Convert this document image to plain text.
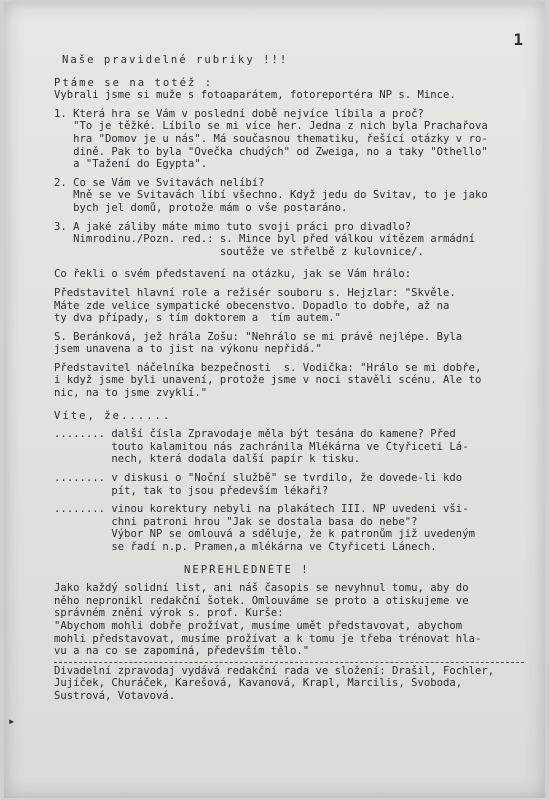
1
▸
Naše pravidelné rubriky !!!
Ptáme se na totéž :
Vybrali jsme si muže s fotoaparátem, fotoreportéra NP s. Mince.
1. Která hra se Vám v poslední době nejvíce líbila a proč?
"To je těžké. Líbilo se mi více her. Jedna z nich byla Prachařova
hra "Domov je u nás". Má současnou thematiku, řešící otázky v ro-
dině. Pak to byla "Ovečka chudých" od Zweiga, no a taky "Othello"
a "Tažení do Egypta".
2. Co se Vám ve Svitavách nelíbí?
Mně se ve Svitavách líbí všechno. Když jedu do Svitav, to je jako
bych jel domů, protože mám o vše postaráno.
3. A jaké záliby máte mimo tuto svoji práci pro divadlo?
Nimrodinu./Pozn. red.: s. Mince byl před válkou vítězem armádní
soutěže ve střelbě z kulovnice/.
Co řekli o svém představení na otázku, jak se Vám hrálo:
Představitel hlavní role a režisér souboru s. Hejzlar: "Skvěle.
Máte zde velice sympatické obecenstvo. Dopadlo to dobře, až na
ty dva případy, s tím doktorem a  tím autem."
S. Beránková, jež hrála Zošu: "Nehrálo se mi právě nejlépe. Byla
jsem unavena a to jist na výkonu nepřidá."
Představitel náčelníka bezpečnosti  s. Vodička: "Hrálo se mi dobře,
i když jsme byli unavení, protože jsme v noci stavěli scénu. Ale to
nic, na to jsme zvyklí."
Víte, že......
........ další čísla Zpravodaje měla být tesána do kamene? Před
touto kalamitou nás zachránila Mlékárna ve Čtyřiceti Lá-
nech, která dodala další papír k tisku.
........ v diskusi o "Noční službě" se tvrdilo, že dovede-li kdo
pít, tak to jsou především lékaři?
........ vinou korektury nebyli na plakátech III. NP uvedeni vši-
chni patroni hrou "Jak se dostala basa do nebe"?
Výbor NP se omlouvá a sděluje, že k patronům již uvedeným
se řadí n.p. Pramen,a mlékárna ve Čtyřiceti Lánech.
NEPŘEHLÉDNĚTE !
Jako každý solidní list, ani náš časopis se nevyhnul tomu, aby do
něho nepronikl redakční šotek. Omlouváme se proto a otiskujeme ve
správném znění výrok s. prof. Kurše:
"Abychom mohli dobře prožívat, musíme umět představovat, abychom
mohli představovat, musíme prožívat a k tomu je třeba trénovat hla-
vu a na co se zapomíná, především tělo."
Divadelní zpravodaj vydává redakční rada ve složení: Drašil, Fochler,
Jujíček, Churáček, Karešová, Kavanová, Krapl, Marcilis, Svoboda,
Šustrová, Votavová.
